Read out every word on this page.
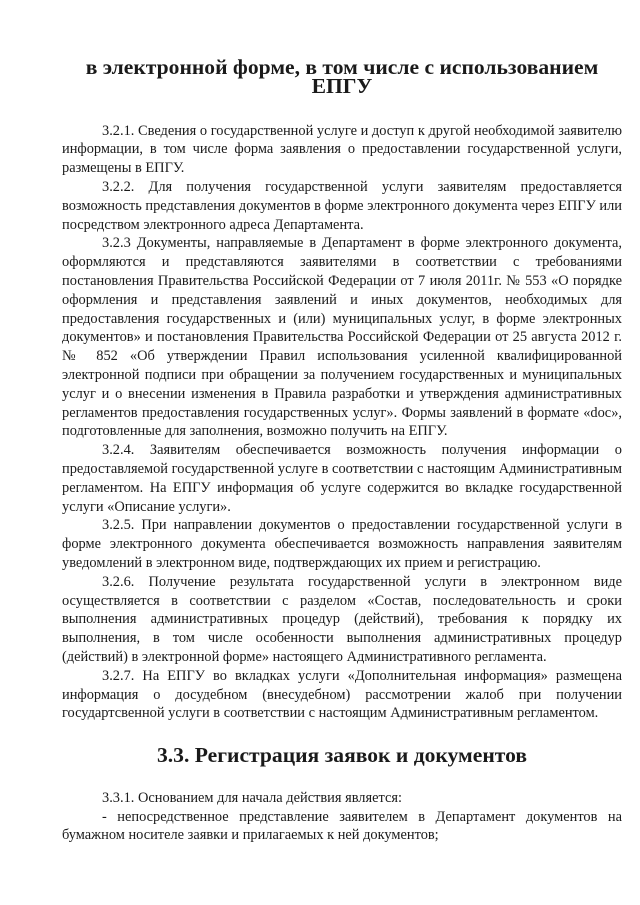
в электронной форме, в том числе с использованием ЕПГУ

3.2.1. Сведения о государственной услуге и доступ к другой необходимой заявителю информации, в том числе форма заявления о предоставлении государственной услуги, размещены в ЕПГУ.

3.2.2. Для получения государственной услуги заявителям предоставляется возможность представления документов в форме электронного документа через ЕПГУ или посредством электронного адреса Департамента.

3.2.3 Документы, направляемые в Департамент в форме электронного документа, оформляются и представляются заявителями в соответствии с требованиями постановления Правительства Российской Федерации от 7 июля 2011г. № 553 «О порядке оформления и представления заявлений и иных документов, необходимых для предоставления государственных и (или) муниципальных услуг, в форме электронных документов» и постановления Правительства Российской Федерации от 25 августа 2012 г. № 852 «Об утверждении Правил использования усиленной квалифицированной электронной подписи при обращении за получением государственных и муниципальных услуг и о внесении изменения в Правила разработки и утверждения административных регламентов предоставления государственных услуг». Формы заявлений в формате «doc», подготовленные для заполнения, возможно получить на ЕПГУ.

3.2.4. Заявителям обеспечивается возможность получения информации о предоставляемой государственной услуге в соответствии с настоящим Административным регламентом. На ЕПГУ информация об услуге содержится во вкладке государственной услуги «Описание услуги».

3.2.5. При направлении документов о предоставлении государственной услуги в форме электронного документа обеспечивается возможность направления заявителям уведомлений в электронном виде, подтверждающих их прием и регистрацию.

3.2.6. Получение результата государственной услуги в электронном виде осуществляется в соответствии с разделом «Состав, последовательность и сроки выполнения административных процедур (действий), требования к порядку их выполнения, в том числе особенности выполнения административных процедур (действий) в электронной форме» настоящего Административного регламента.

3.2.7. На ЕПГУ во вкладках услуги «Дополнительная информация» размещена информация о досудебном (внесудебном) рассмотрении жалоб при получении государтсвенной услуги в соответствии с настоящим Административным регламентом.

3.3. Регистрация заявок и документов

3.3.1. Основанием для начала действия является:

- непосредственное представление заявителем в Департамент документов на бумажном носителе заявки и прилагаемых к ней документов;
